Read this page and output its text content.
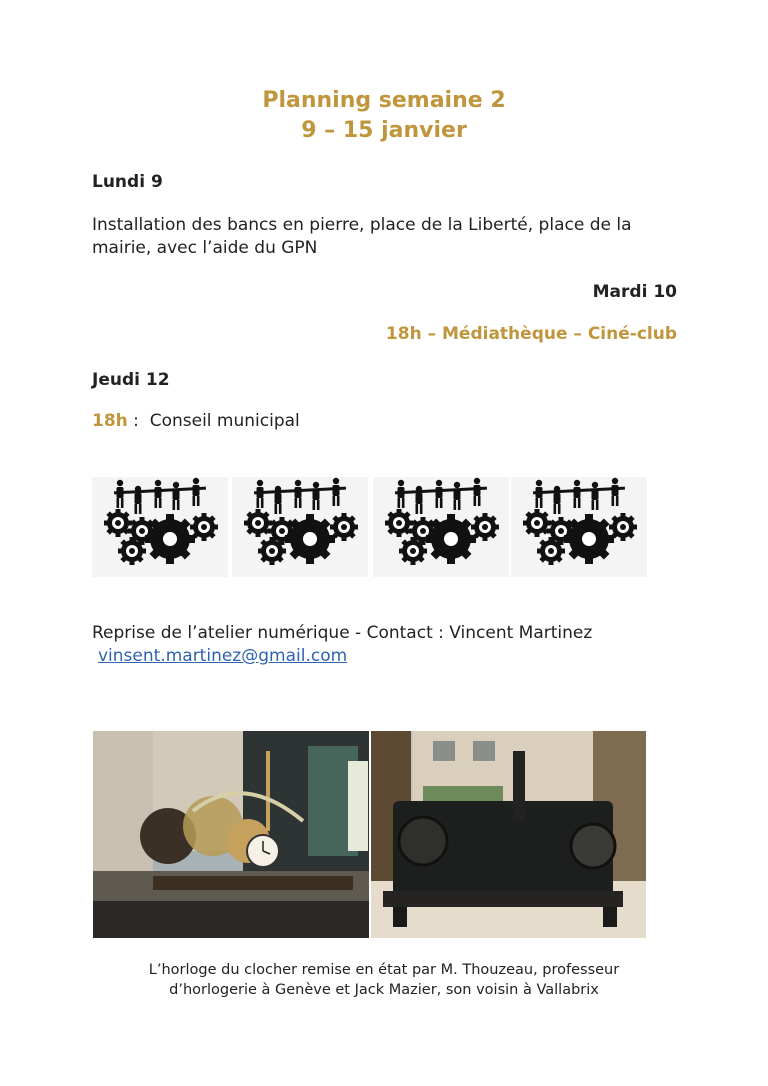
Planning semaine 2
9 – 15 janvier
Lundi 9
Installation des bancs en pierre, place de la Liberté, place de la
mairie, avec l’aide du GPN
Mardi 10
18h – Médiathèque – Ciné-club
Jeudi 12
18h :  Conseil municipal
Reprise de l’atelier numérique - Contact : Vincent Martinez
vinsent.martinez@gmail.com
L’horloge du clocher remise en état par M. Thouzeau, professeur
d’horlogerie à Genève et Jack Mazier, son voisin à Vallabrix
